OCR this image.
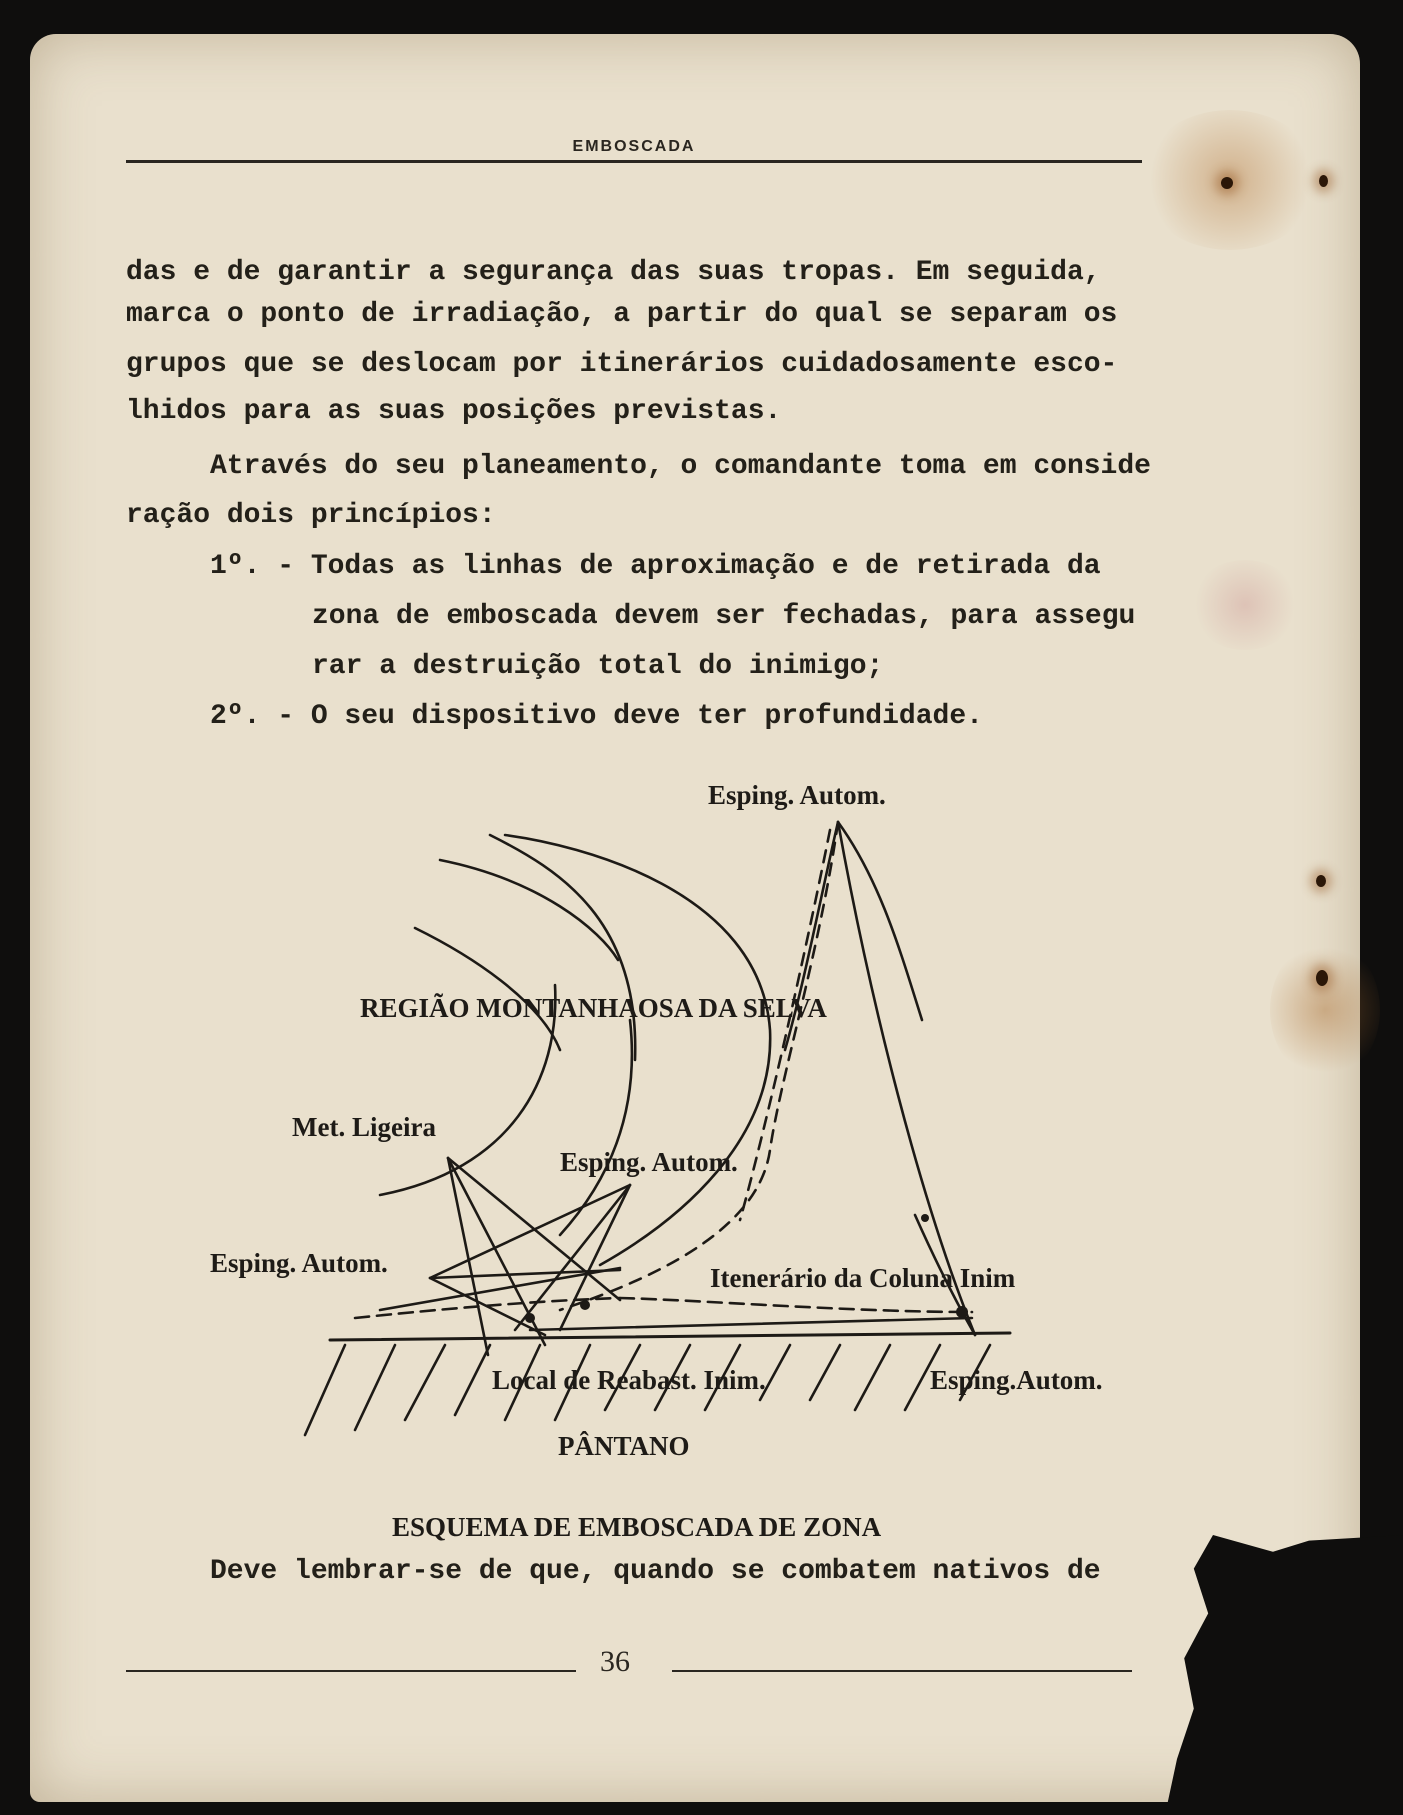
EMBOSCADA
das e de garantir a segurança das suas tropas. Em seguida,
marca o ponto de irradiação, a partir do qual se separam os
grupos que se deslocam por itinerários cuidadosamente esco-
lhidos para as suas posições previstas.
Através do seu planeamento, o comandante toma em conside
ração dois princípios:
1º. - Todas as linhas de aproximação e de retirada da
zona de emboscada devem ser fechadas, para assegu
rar a destruição total do inimigo;
2º. - O seu dispositivo deve ter profundidade.
Esping. Autom.
REGIÃO MONTANHAOSA DA SELVA
Met. Ligeira
Esping. Autom.
Esping. Autom.	Itenerário da Coluna Inim
Local de Reabast. Inim.	Esping.Autom.
PÂNTANO
ESQUEMA DE EMBOSCADA DE ZONA
Deve lembrar-se de que, quando se combatem nativos de
36
